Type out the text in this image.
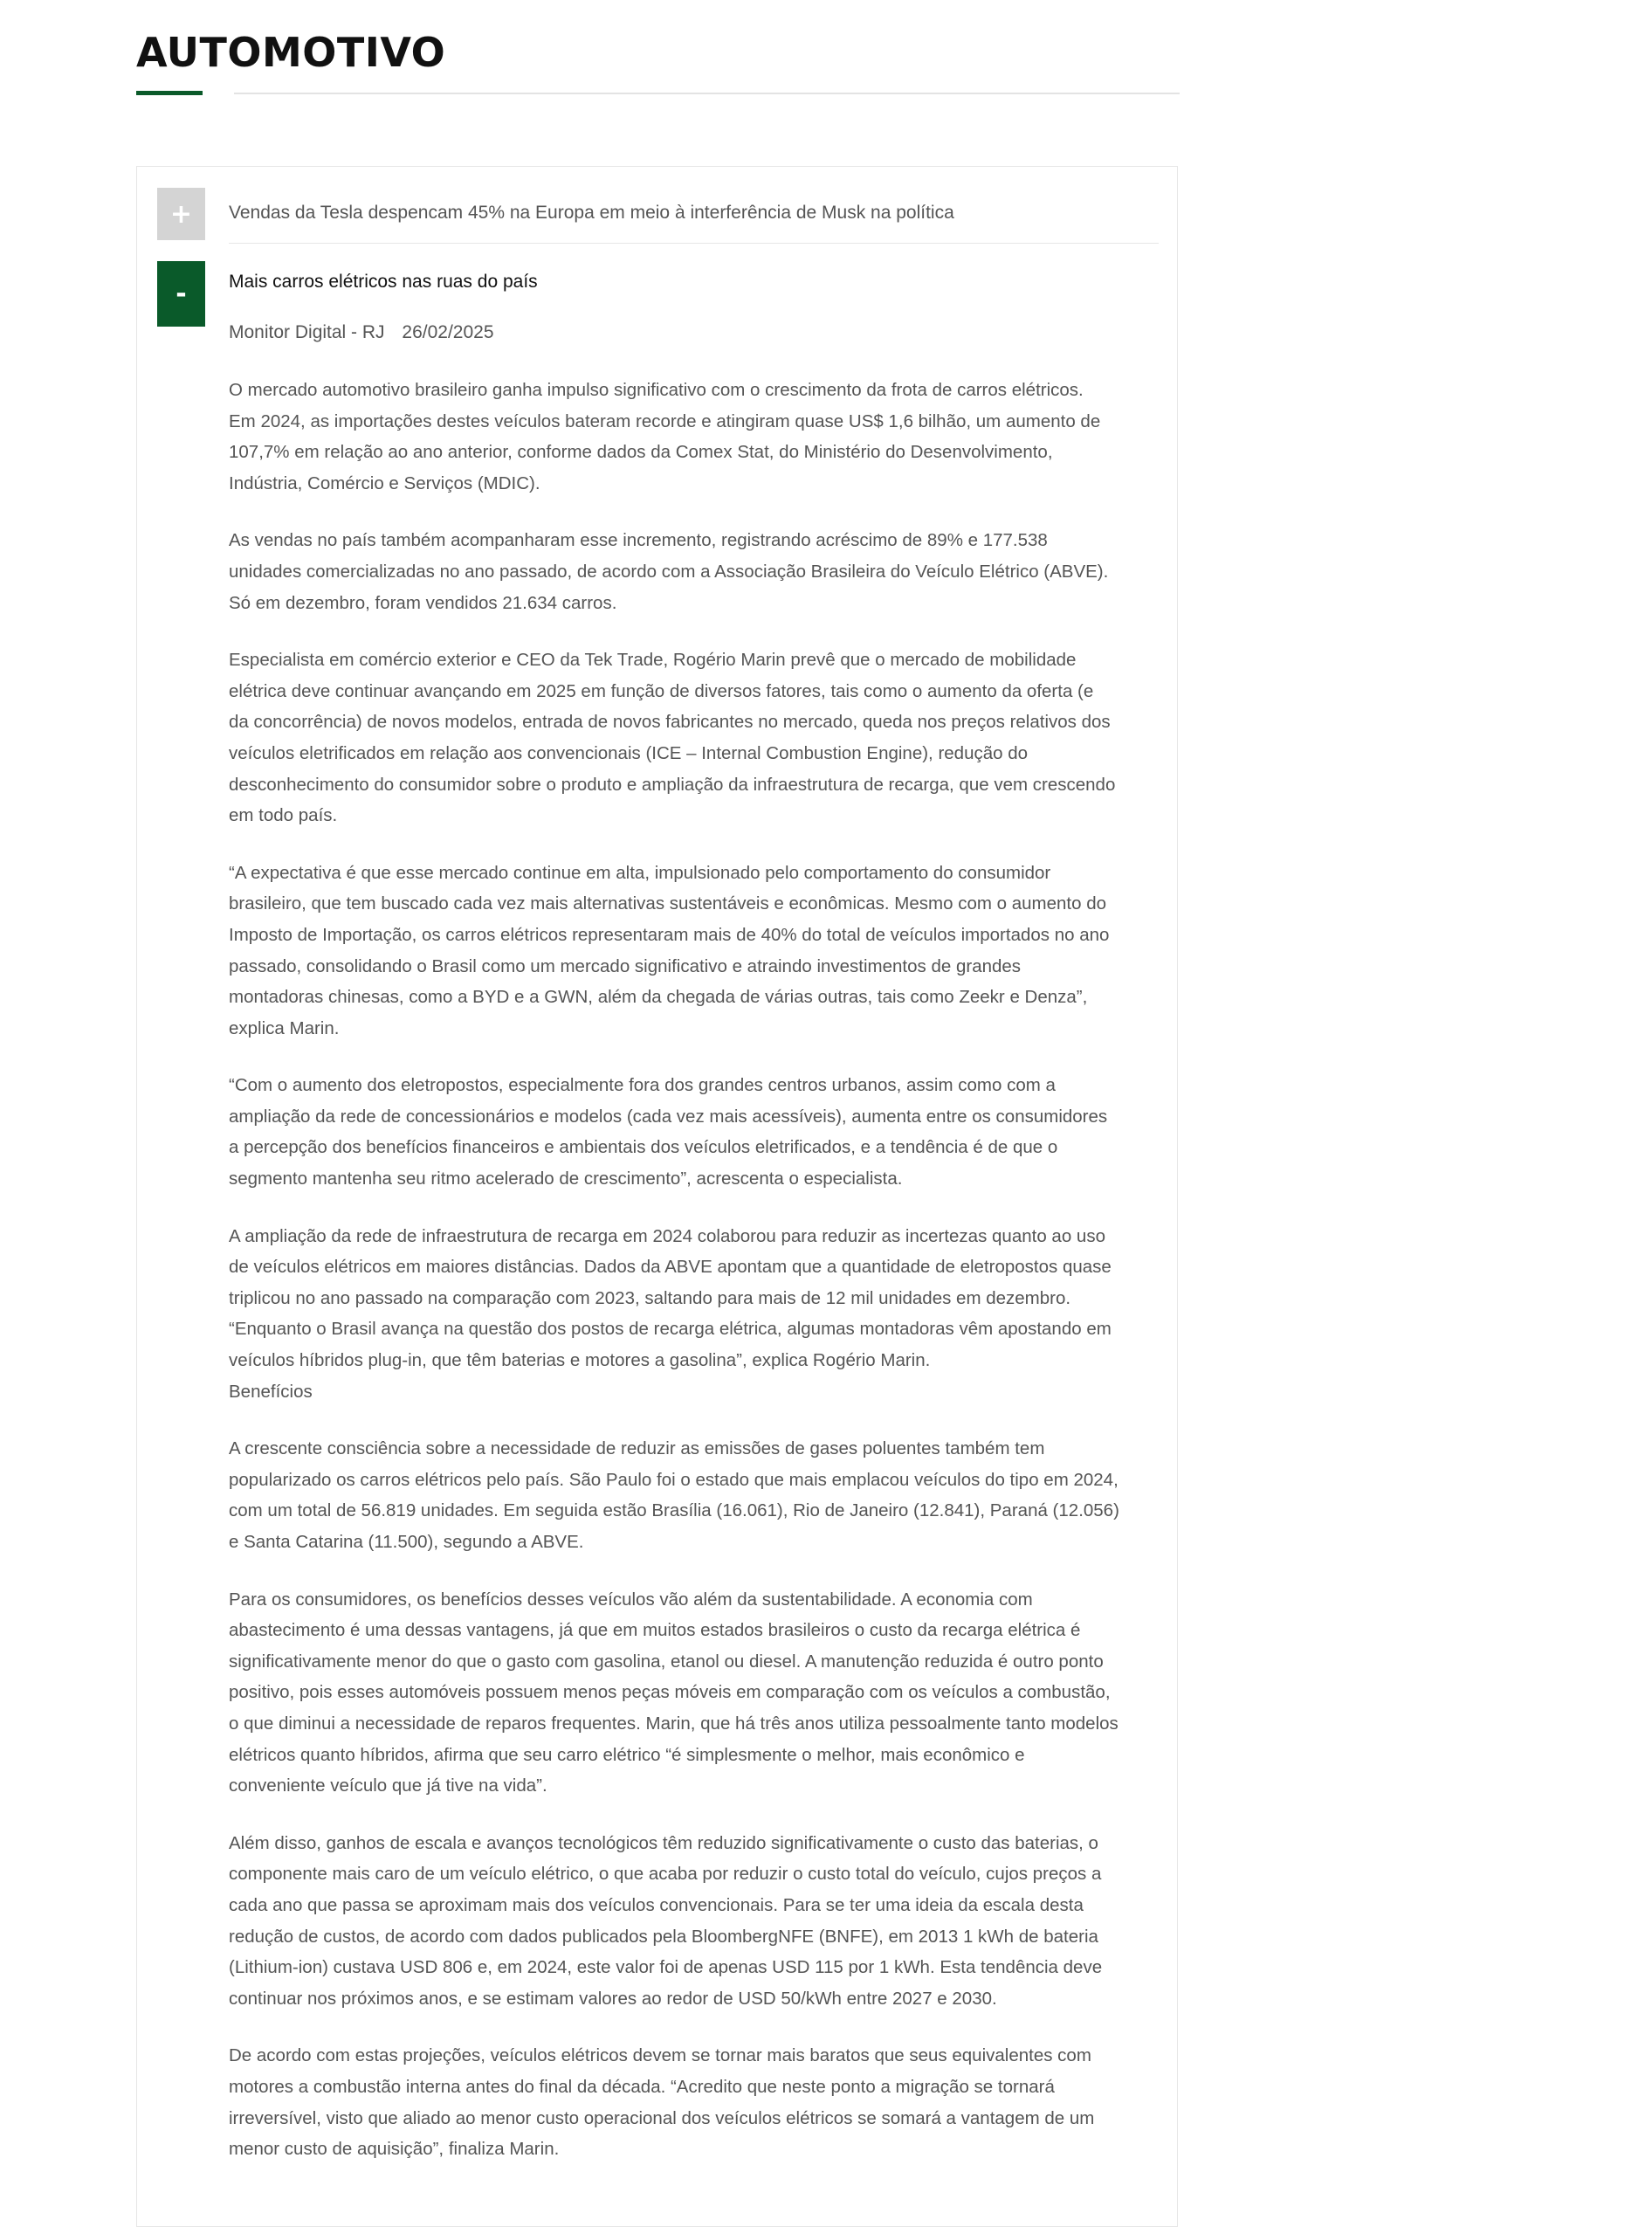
AUTOMOTIVO
+	Vendas da Tesla despencam 45% na Europa em meio à interferência de Musk na política
-	Mais carros elétricos nas ruas do país
Monitor Digital - RJ 26/02/2025

O mercado automotivo brasileiro ganha impulso significativo com o crescimento da frota de carros elétricos.
Em 2024, as importações destes veículos bateram recorde e atingiram quase US$ 1,6 bilhão, um aumento de
107,7% em relação ao ano anterior, conforme dados da Comex Stat, do Ministério do Desenvolvimento,
Indústria, Comércio e Serviços (MDIC).

As vendas no país também acompanharam esse incremento, registrando acréscimo de 89% e 177.538
unidades comercializadas no ano passado, de acordo com a Associação Brasileira do Veículo Elétrico (ABVE).
Só em dezembro, foram vendidos 21.634 carros.

Especialista em comércio exterior e CEO da Tek Trade, Rogério Marin prevê que o mercado de mobilidade
elétrica deve continuar avançando em 2025 em função de diversos fatores, tais como o aumento da oferta (e
da concorrência) de novos modelos, entrada de novos fabricantes no mercado, queda nos preços relativos dos
veículos eletrificados em relação aos convencionais (ICE – Internal Combustion Engine), redução do
desconhecimento do consumidor sobre o produto e ampliação da infraestrutura de recarga, que vem crescendo
em todo país.

“A expectativa é que esse mercado continue em alta, impulsionado pelo comportamento do consumidor
brasileiro, que tem buscado cada vez mais alternativas sustentáveis e econômicas. Mesmo com o aumento do
Imposto de Importação, os carros elétricos representaram mais de 40% do total de veículos importados no ano
passado, consolidando o Brasil como um mercado significativo e atraindo investimentos de grandes
montadoras chinesas, como a BYD e a GWN, além da chegada de várias outras, tais como Zeekr e Denza”,
explica Marin.

“Com o aumento dos eletropostos, especialmente fora dos grandes centros urbanos, assim como com a
ampliação da rede de concessionários e modelos (cada vez mais acessíveis), aumenta entre os consumidores
a percepção dos benefícios financeiros e ambientais dos veículos eletrificados, e a tendência é de que o
segmento mantenha seu ritmo acelerado de crescimento”, acrescenta o especialista.

A ampliação da rede de infraestrutura de recarga em 2024 colaborou para reduzir as incertezas quanto ao uso
de veículos elétricos em maiores distâncias. Dados da ABVE apontam que a quantidade de eletropostos quase
triplicou no ano passado na comparação com 2023, saltando para mais de 12 mil unidades em dezembro.
“Enquanto o Brasil avança na questão dos postos de recarga elétrica, algumas montadoras vêm apostando em
veículos híbridos plug-in, que têm baterias e motores a gasolina”, explica Rogério Marin.
Benefícios

A crescente consciência sobre a necessidade de reduzir as emissões de gases poluentes também tem
popularizado os carros elétricos pelo país. São Paulo foi o estado que mais emplacou veículos do tipo em 2024,
com um total de 56.819 unidades. Em seguida estão Brasília (16.061), Rio de Janeiro (12.841), Paraná (12.056)
e Santa Catarina (11.500), segundo a ABVE.

Para os consumidores, os benefícios desses veículos vão além da sustentabilidade. A economia com
abastecimento é uma dessas vantagens, já que em muitos estados brasileiros o custo da recarga elétrica é
significativamente menor do que o gasto com gasolina, etanol ou diesel. A manutenção reduzida é outro ponto
positivo, pois esses automóveis possuem menos peças móveis em comparação com os veículos a combustão,
o que diminui a necessidade de reparos frequentes. Marin, que há três anos utiliza pessoalmente tanto modelos
elétricos quanto híbridos, afirma que seu carro elétrico “é simplesmente o melhor, mais econômico e
conveniente veículo que já tive na vida”.

Além disso, ganhos de escala e avanços tecnológicos têm reduzido significativamente o custo das baterias, o
componente mais caro de um veículo elétrico, o que acaba por reduzir o custo total do veículo, cujos preços a
cada ano que passa se aproximam mais dos veículos convencionais. Para se ter uma ideia da escala desta
redução de custos, de acordo com dados publicados pela BloombergNFE (BNFE), em 2013 1 kWh de bateria
(Lithium-ion) custava USD 806 e, em 2024, este valor foi de apenas USD 115 por 1 kWh. Esta tendência deve
continuar nos próximos anos, e se estimam valores ao redor de USD 50/kWh entre 2027 e 2030.

De acordo com estas projeções, veículos elétricos devem se tornar mais baratos que seus equivalentes com
motores a combustão interna antes do final da década. “Acredito que neste ponto a migração se tornará
irreversível, visto que aliado ao menor custo operacional dos veículos elétricos se somará a vantagem de um
menor custo de aquisição”, finaliza Marin.
